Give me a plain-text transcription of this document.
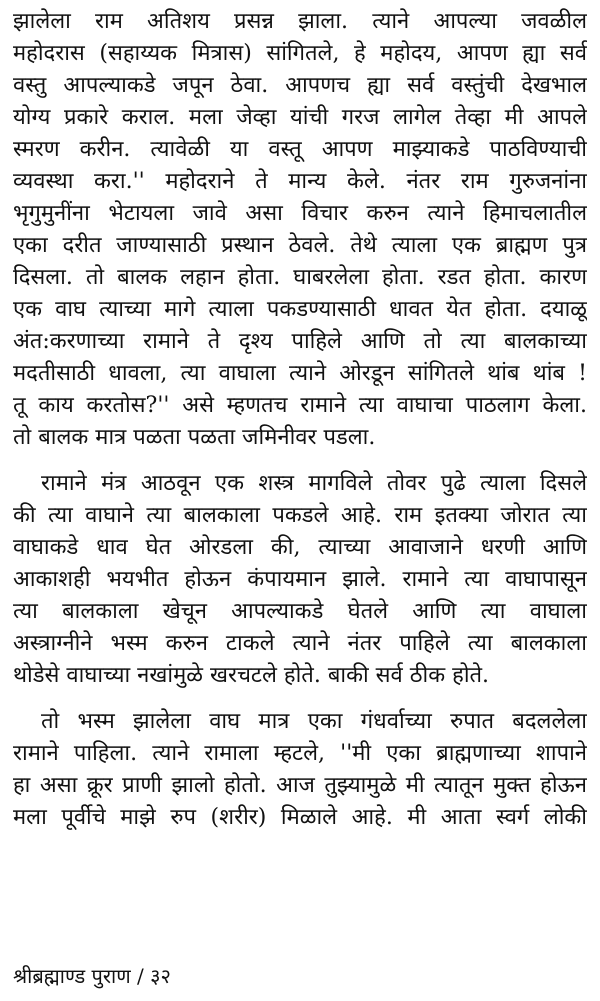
झालेला राम अतिशय प्रसन्न झाला. त्याने आपल्या जवळील
महोदरास (सहाय्यक मित्रास) सांगितले, हे महोदय, आपण ह्या सर्व
वस्तु आपल्याकडे जपून ठेवा. आपणच ह्या सर्व वस्तुंची देखभाल
योग्य प्रकारे कराल. मला जेव्हा यांची गरज लागेल तेव्हा मी आपले
स्मरण करीन. त्यावेळी या वस्तू आपण माझ्याकडे पाठविण्याची
व्यवस्था करा.'' महोदराने ते मान्य केले. नंतर राम गुरुजनांना
भृगुमुनींना भेटायला जावे असा विचार करुन त्याने हिमाचलातील
एका दरीत जाण्यासाठी प्रस्थान ठेवले. तेथे त्याला एक ब्राह्मण पुत्र
दिसला. तो बालक लहान होता. घाबरलेला होता. रडत होता. कारण
एक वाघ त्याच्या मागे त्याला पकडण्यासाठी धावत येत होता. दयाळू
अंत:करणाच्या रामाने ते दृश्य पाहिले आणि तो त्या बालकाच्या
मदतीसाठी धावला, त्या वाघाला त्याने ओरडून सांगितले थांब थांब !
तू काय करतोस?'' असे म्हणतच रामाने त्या वाघाचा पाठलाग केला.
तो बालक मात्र पळता पळता जमिनीवर पडला.
रामाने मंत्र आठवून एक शस्त्र मागविले तोवर पुढे त्याला दिसले
की त्या वाघाने त्या बालकाला पकडले आहे. राम इतक्या जोरात त्या
वाघाकडे धाव घेत ओरडला की, त्याच्या आवाजाने धरणी आणि
आकाशही भयभीत होऊन कंपायमान झाले. रामाने त्या वाघापासून
त्या बालकाला खेचून आपल्याकडे घेतले आणि त्या वाघाला
अस्त्राग्नीने भस्म करुन टाकले त्याने नंतर पाहिले त्या बालकाला
थोडेसे वाघाच्या नखांमुळे खरचटले होते. बाकी सर्व ठीक होते.
तो भस्म झालेला वाघ मात्र एका गंधर्वाच्या रुपात बदललेला
रामाने पाहिला. त्याने रामाला म्हटले, ''मी एका ब्राह्मणाच्या शापाने
हा असा क्रूर प्राणी झालो होतो. आज तुझ्यामुळे मी त्यातून मुक्त होऊन
मला पूर्वीचे माझे रुप (शरीर) मिळाले आहे. मी आता स्वर्ग लोकी
श्रीब्रह्माण्ड पुराण / ३२
